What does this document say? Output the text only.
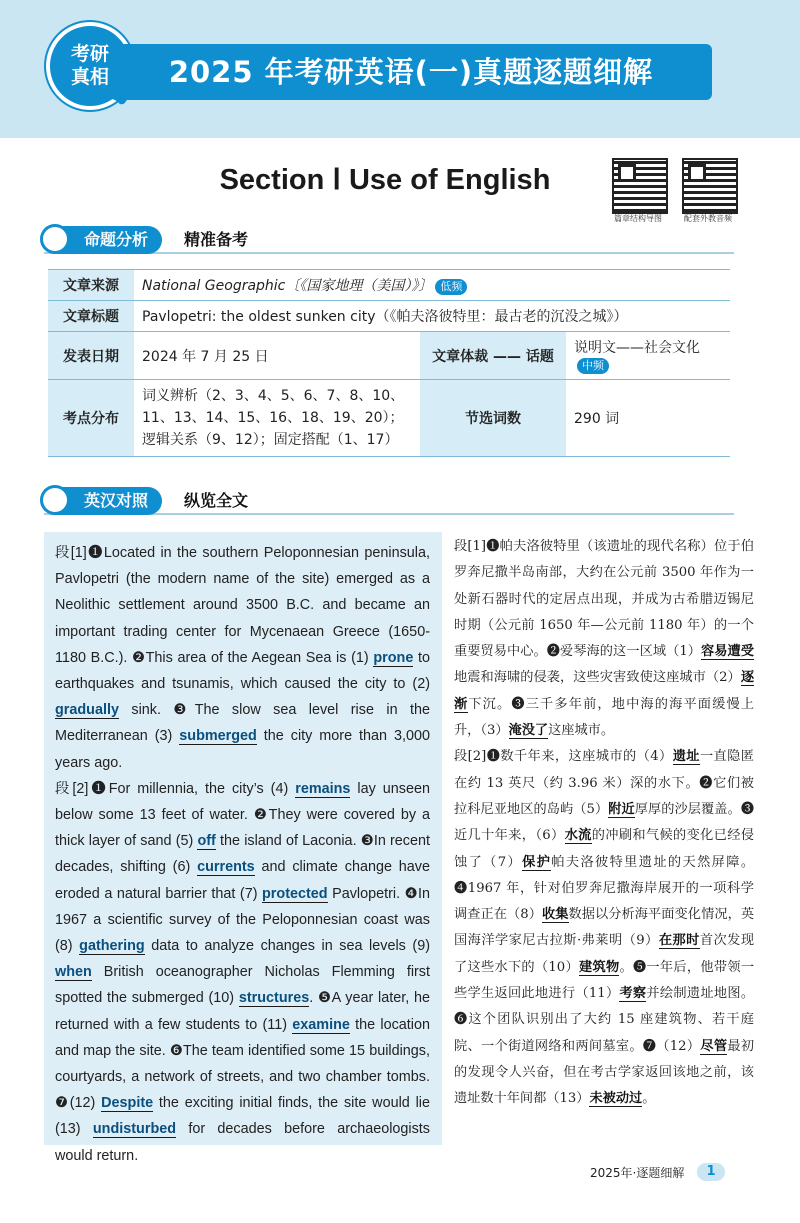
考研真相	2025 年考研英语(一)真题逐题细解
Section Ⅰ Use of English
篇章结构导图	配套外教音频
命题分析	精准备考
文章来源	National Geographic〔《国家地理（美国）》〕 低频		
文章标题	Pavlopetri: the oldest sunken city（《帕夫洛彼特里：最古老的沉没之城》）		
发表日期	2024 年 7 月 25 日	文章体裁 —— 话题	说明文——社会文化中频
考点分布	词义辨析（2、3、4、5、6、7、8、10、11、13、14、15、16、18、19、20）；逻辑关系（9、12）；固定搭配（1、17）	节选词数	290 词
英汉对照	纵览全文

段[1]❶Located in the southern Peloponnesian peninsula, Pavlopetri (the modern name of the site) emerged as a Neolithic settlement around 3500 B.C. and became an important trading center for Mycenaean Greece (1650-1180 B.C.). ❷This area of the Aegean Sea is (1) prone to earthquakes and tsunamis, which caused the city to (2) gradually sink. ❸The slow sea level rise in the Mediterranean (3) submerged the city more than 3,000 years ago.

段[2]❶For millennia, the city’s (4) remains lay unseen below some 13 feet of water. ❷They were covered by a thick layer of sand (5) off the island of Laconia. ❸In recent decades, shifting (6) currents and climate change have eroded a natural barrier that (7) protected Pavlopetri. ❹In 1967 a scientific survey of the Peloponnesian coast was (8) gathering data to analyze changes in sea levels (9) when British oceanographer Nicholas Flemming first spotted the submerged (10) structures. ❺A year later, he returned with a few students to (11) examine the location and map the site. ❻The team identified some 15 buildings, courtyards, a network of streets, and two chamber tombs. ❼(12) Despite the exciting initial finds, the site would lie (13) undisturbed for decades before archaeologists would return.

段[1]❶帕夫洛彼特里（该遗址的现代名称）位于伯罗奔尼撒半岛南部，大约在公元前 3500 年作为一处新石器时代的定居点出现，并成为古希腊迈锡尼时期（公元前 1650 年—公元前 1180 年）的一个重要贸易中心。❷爱琴海的这一区域（1）容易遭受地震和海啸的侵袭，这些灾害致使这座城市（2）逐渐下沉。❸三千多年前，地中海的海平面缓慢上升，（3）淹没了这座城市。

段[2]❶数千年来，这座城市的（4）遗址一直隐匿在约 13 英尺（约 3.96 米）深的水下。❷它们被拉科尼亚地区的岛屿（5）附近厚厚的沙层覆盖。❸近几十年来，（6）水流的冲刷和气候的变化已经侵蚀了（7）保护帕夫洛彼特里遗址的天然屏障。❹1967 年，针对伯罗奔尼撒海岸展开的一项科学调查正在（8）收集数据以分析海平面变化情况，英国海洋学家尼古拉斯·弗莱明（9）在那时首次发现了这些水下的（10）建筑物。❺一年后，他带领一些学生返回此地进行（11）考察并绘制遗址地图。❻这个团队识别出了大约 15 座建筑物、若干庭院、一个街道网络和两间墓室。❼（12）尽管最初的发现令人兴奋，但在考古学家返回该地之前，该遗址数十年间都（13）未被动过。

2025年·逐题细解	1
